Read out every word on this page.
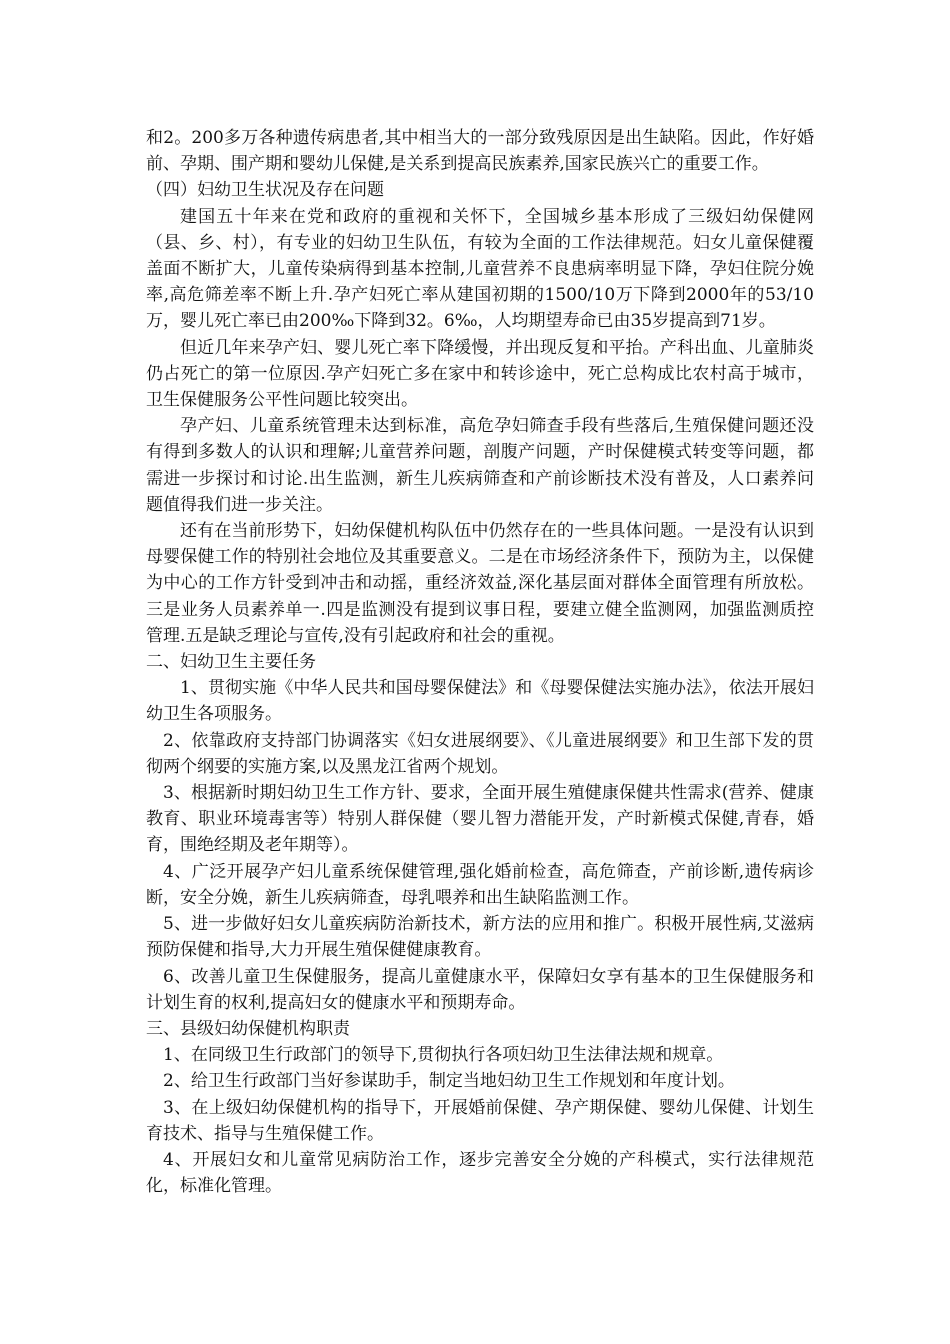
和2。200多万各种遗传病患者,其中相当大的一部分致残原因是出生缺陷。因此，作好婚前、孕期、围产期和婴幼儿保健,是关系到提高民族素养,国家民族兴亡的重要工作。

（四）妇幼卫生状况及存在问题

建国五十年来在党和政府的重视和关怀下，全国城乡基本形成了三级妇幼保健网（县、乡、村），有专业的妇幼卫生队伍，有较为全面的工作法律规范。妇女儿童保健覆盖面不断扩大，儿童传染病得到基本控制,儿童营养不良患病率明显下降，孕妇住院分娩率,高危筛差率不断上升.孕产妇死亡率从建国初期的1500/10万下降到2000年的53/10万，婴儿死亡率已由200‰下降到32。6‰，人均期望寿命已由35岁提高到71岁。

但近几年来孕产妇、婴儿死亡率下降缓慢，并出现反复和平抬。产科出血、儿童肺炎仍占死亡的第一位原因.孕产妇死亡多在家中和转诊途中，死亡总构成比农村高于城市，卫生保健服务公平性问题比较突出。

孕产妇、儿童系统管理未达到标准，高危孕妇筛查手段有些落后,生殖保健问题还没有得到多数人的认识和理解;儿童营养问题，剖腹产问题，产时保健模式转变等问题，都需进一步探讨和讨论.出生监测，新生儿疾病筛查和产前诊断技术没有普及，人口素养问题值得我们进一步关注。

还有在当前形势下，妇幼保健机构队伍中仍然存在的一些具体问题。一是没有认识到母婴保健工作的特别社会地位及其重要意义。二是在市场经济条件下，预防为主，以保健为中心的工作方针受到冲击和动摇，重经济效益,深化基层面对群体全面管理有所放松。三是业务人员素养单一.四是监测没有提到议事日程，要建立健全监测网，加强监测质控管理.五是缺乏理论与宣传,没有引起政府和社会的重视。

二、妇幼卫生主要任务

1、贯彻实施《中华人民共和国母婴保健法》和《母婴保健法实施办法》，依法开展妇幼卫生各项服务。

2、依靠政府支持部门协调落实《妇女进展纲要》、《儿童进展纲要》和卫生部下发的贯彻两个纲要的实施方案,以及黑龙江省两个规划。

3、根据新时期妇幼卫生工作方针、要求，全面开展生殖健康保健共性需求(营养、健康教育、职业环境毒害等）特别人群保健（婴儿智力潜能开发，产时新模式保健,青春，婚育，围绝经期及老年期等）。

4、广泛开展孕产妇儿童系统保健管理,强化婚前检查，高危筛查，产前诊断,遗传病诊断，安全分娩，新生儿疾病筛查，母乳喂养和出生缺陷监测工作。

5、进一步做好妇女儿童疾病防治新技术，新方法的应用和推广。积极开展性病,艾滋病预防保健和指导,大力开展生殖保健健康教育。

6、改善儿童卫生保健服务，提高儿童健康水平，保障妇女享有基本的卫生保健服务和计划生育的权利,提高妇女的健康水平和预期寿命。

三、县级妇幼保健机构职责

1、在同级卫生行政部门的领导下,贯彻执行各项妇幼卫生法律法规和规章。

2、给卫生行政部门当好参谋助手，制定当地妇幼卫生工作规划和年度计划。

3、在上级妇幼保健机构的指导下，开展婚前保健、孕产期保健、婴幼儿保健、计划生育技术、指导与生殖保健工作。

4、开展妇女和儿童常见病防治工作，逐步完善安全分娩的产科模式，实行法律规范化，标准化管理。
